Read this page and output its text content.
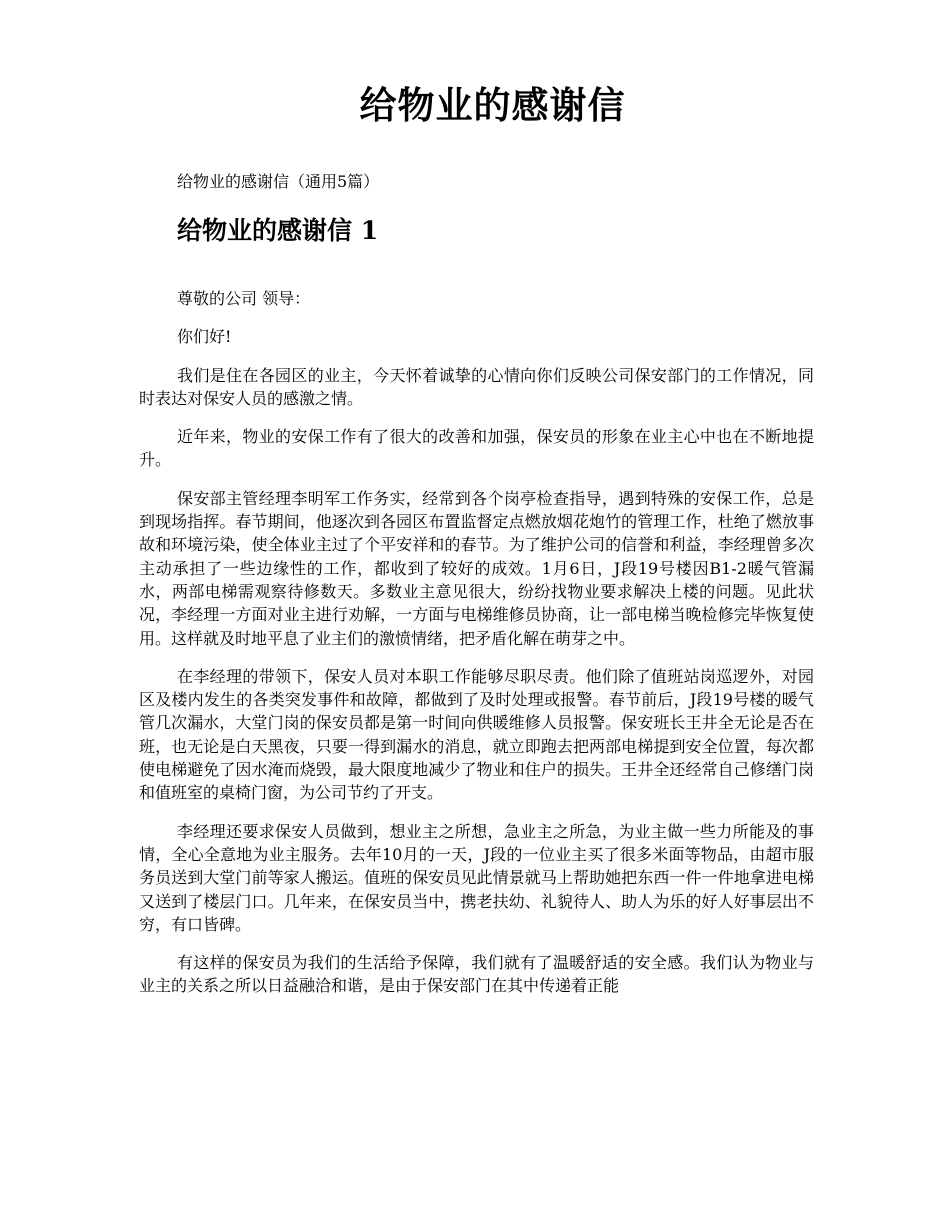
给物业的感谢信

给物业的感谢信（通用5篇）

给物业的感谢信 1

尊敬的公司 领导：

你们好!

我们是住在各园区的业主，今天怀着诚挚的心情向你们反映公司保安部门的工作情况，同时表达对保安人员的感激之情。

近年来，物业的安保工作有了很大的改善和加强，保安员的形象在业主心中也在不断地提升。

保安部主管经理李明军工作务实，经常到各个岗亭检查指导，遇到特殊的安保工作，总是到现场指挥。春节期间，他逐次到各园区布置监督定点燃放烟花炮竹的管理工作，杜绝了燃放事故和环境污染，使全体业主过了个平安祥和的春节。为了维护公司的信誉和利益，李经理曾多次主动承担了一些边缘性的工作，都收到了较好的成效。1月6日，J段19号楼因B1-2暖气管漏水，两部电梯需观察待修数天。多数业主意见很大，纷纷找物业要求解决上楼的问题。见此状况，李经理一方面对业主进行劝解，一方面与电梯维修员协商，让一部电梯当晚检修完毕恢复使用。这样就及时地平息了业主们的激愤情绪，把矛盾化解在萌芽之中。

在李经理的带领下，保安人员对本职工作能够尽职尽责。他们除了值班站岗巡逻外，对园区及楼内发生的各类突发事件和故障，都做到了及时处理或报警。春节前后，J段19号楼的暖气管几次漏水，大堂门岗的保安员都是第一时间向供暖维修人员报警。保安班长王井全无论是否在班，也无论是白天黑夜，只要一得到漏水的消息，就立即跑去把两部电梯提到安全位置，每次都使电梯避免了因水淹而烧毁，最大限度地减少了物业和住户的损失。王井全还经常自己修缮门岗和值班室的桌椅门窗，为公司节约了开支。

李经理还要求保安人员做到，想业主之所想，急业主之所急，为业主做一些力所能及的事情，全心全意地为业主服务。去年10月的一天，J段的一位业主买了很多米面等物品，由超市服务员送到大堂门前等家人搬运。值班的保安员见此情景就马上帮助她把东西一件一件地拿进电梯又送到了楼层门口。几年来，在保安员当中，携老扶幼、礼貌待人、助人为乐的好人好事层出不穷，有口皆碑。

有这样的保安员为我们的生活给予保障，我们就有了温暖舒适的安全感。我们认为物业与业主的关系之所以日益融洽和谐，是由于保安部门在其中传递着正能
